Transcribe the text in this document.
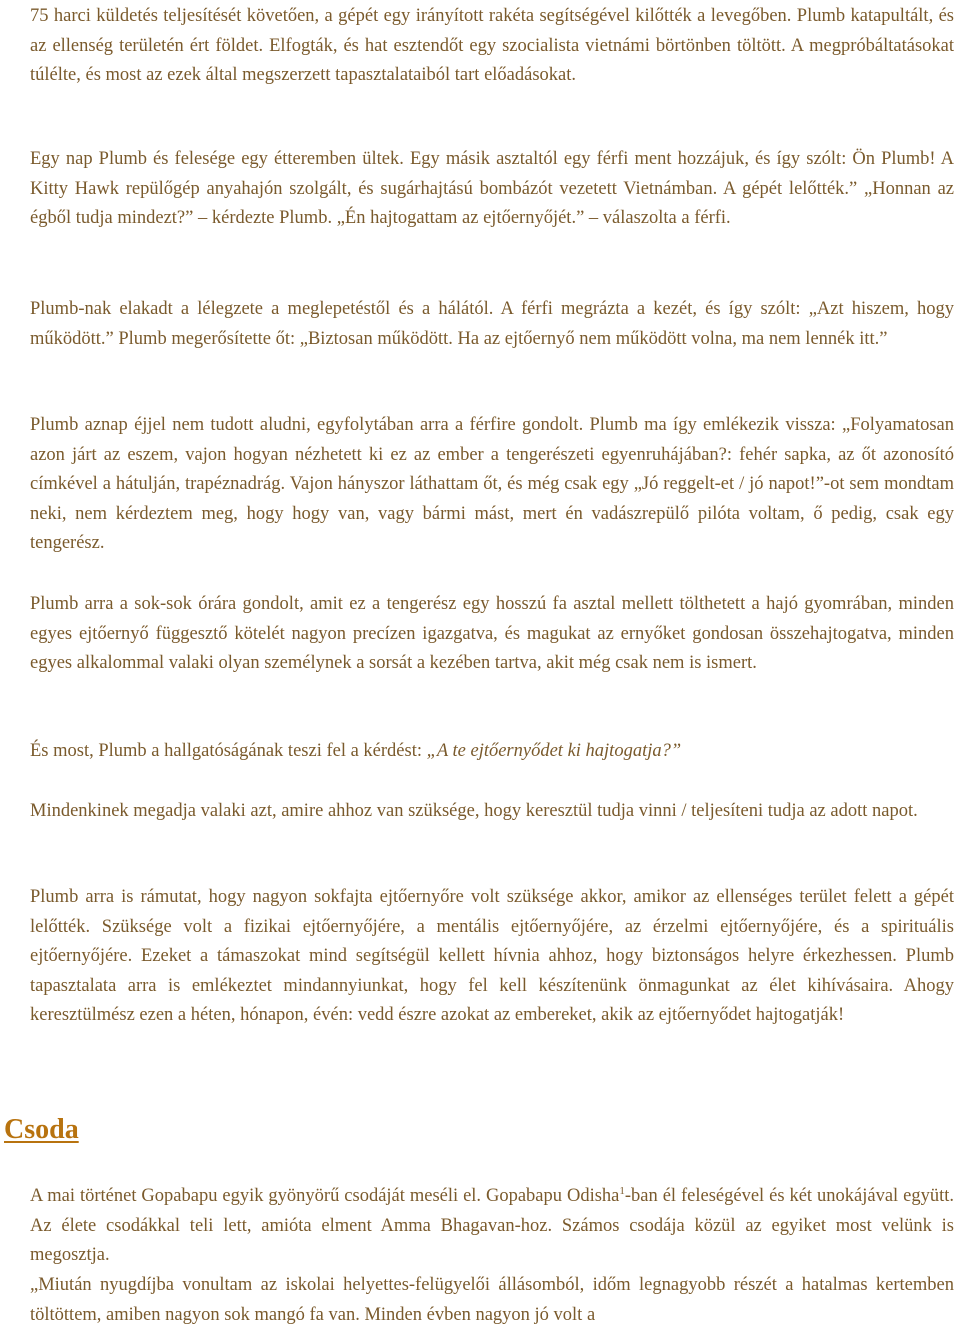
75 harci küldetés teljesítését követően, a gépét egy irányított rakéta segítségével kilőtték a levegőben. Plumb katapultált, és az ellenség területén ért földet. Elfogták, és hat esztendőt egy szocialista vietnámi börtönben töltött. A megpróbáltatásokat túlélte, és most az ezek által megszerzett tapasztalataiból tart előadásokat.

Egy nap Plumb és felesége egy étteremben ültek. Egy másik asztaltól egy férfi ment hozzájuk, és így szólt: Ön Plumb! A Kitty Hawk repülőgép anyahajón szolgált, és sugárhajtású bombázót vezetett Vietnámban. A gépét lelőtték.” „Honnan az égből tudja mindezt?” ‒ kérdezte Plumb. „Én hajtogattam az ejtőernyőjét.” ‒ válaszolta a férfi.

Plumb-nak elakadt a lélegzete a meglepetéstől és a hálától. A férfi megrázta a kezét, és így szólt: „Azt hiszem, hogy működött.” Plumb megerősítette őt: „Biztosan működött. Ha az ejtőernyő nem működött volna, ma nem lennék itt.”

Plumb aznap éjjel nem tudott aludni, egyfolytában arra a férfire gondolt. Plumb ma így emlékezik vissza: „Folyamatosan azon járt az eszem, vajon hogyan nézhetett ki ez az ember a tengerészeti egyenruhájában?: fehér sapka, az őt azonosító címkével a hátulján, trapéznadrág. Vajon hányszor láthattam őt, és még csak egy „Jó reggelt-et / jó napot!”-ot sem mondtam neki, nem kérdeztem meg, hogy hogy van, vagy bármi mást, mert én vadászrepülő pilóta voltam, ő pedig, csak egy tengerész.

Plumb arra a sok-sok órára gondolt, amit ez a tengerész egy hosszú fa asztal mellett tölthetett a hajó gyomrában, minden egyes ejtőernyő függesztő kötelét nagyon precízen igazgatva, és magukat az ernyőket gondosan összehajtogatva, minden egyes alkalommal valaki olyan személynek a sorsát a kezében tartva, akit még csak nem is ismert.

És most, Plumb a hallgatóságának teszi fel a kérdést: „A te ejtőernyődet ki hajtogatja?”

Mindenkinek megadja valaki azt, amire ahhoz van szüksége, hogy keresztül tudja vinni / teljesíteni tudja az adott napot.

Plumb arra is rámutat, hogy nagyon sokfajta ejtőernyőre volt szüksége akkor, amikor az ellenséges terület felett a gépét lelőtték. Szüksége volt a fizikai ejtőernyőjére, a mentális ejtőernyőjére, az érzelmi ejtőernyőjére, és a spirituális ejtőernyőjére. Ezeket a támaszokat mind segítségül kellett hívnia ahhoz, hogy biztonságos helyre érkezhessen. Plumb tapasztalata arra is emlékeztet mindannyiunkat, hogy fel kell készítenünk önmagunkat az élet kihívásaira. Ahogy keresztülmész ezen a héten, hónapon, évén: vedd észre azokat az embereket, akik az ejtőernyődet hajtogatják!

Csoda

A mai történet Gopabapu egyik gyönyörű csodáját meséli el. Gopabapu Odisha$^1$-ban él feleségével és két unokájával együtt. Az élete csodákkal teli lett, amióta elment Amma Bhagavan-hoz. Számos csodája közül az egyiket most velünk is megosztja.

„Miután nyugdíjba vonultam az iskolai helyettes-felügyelői állásomból, időm legnagyobb részét a hatalmas kertemben töltöttem, amiben nagyon sok mangó fa van. Minden évben nagyon jó volt a
